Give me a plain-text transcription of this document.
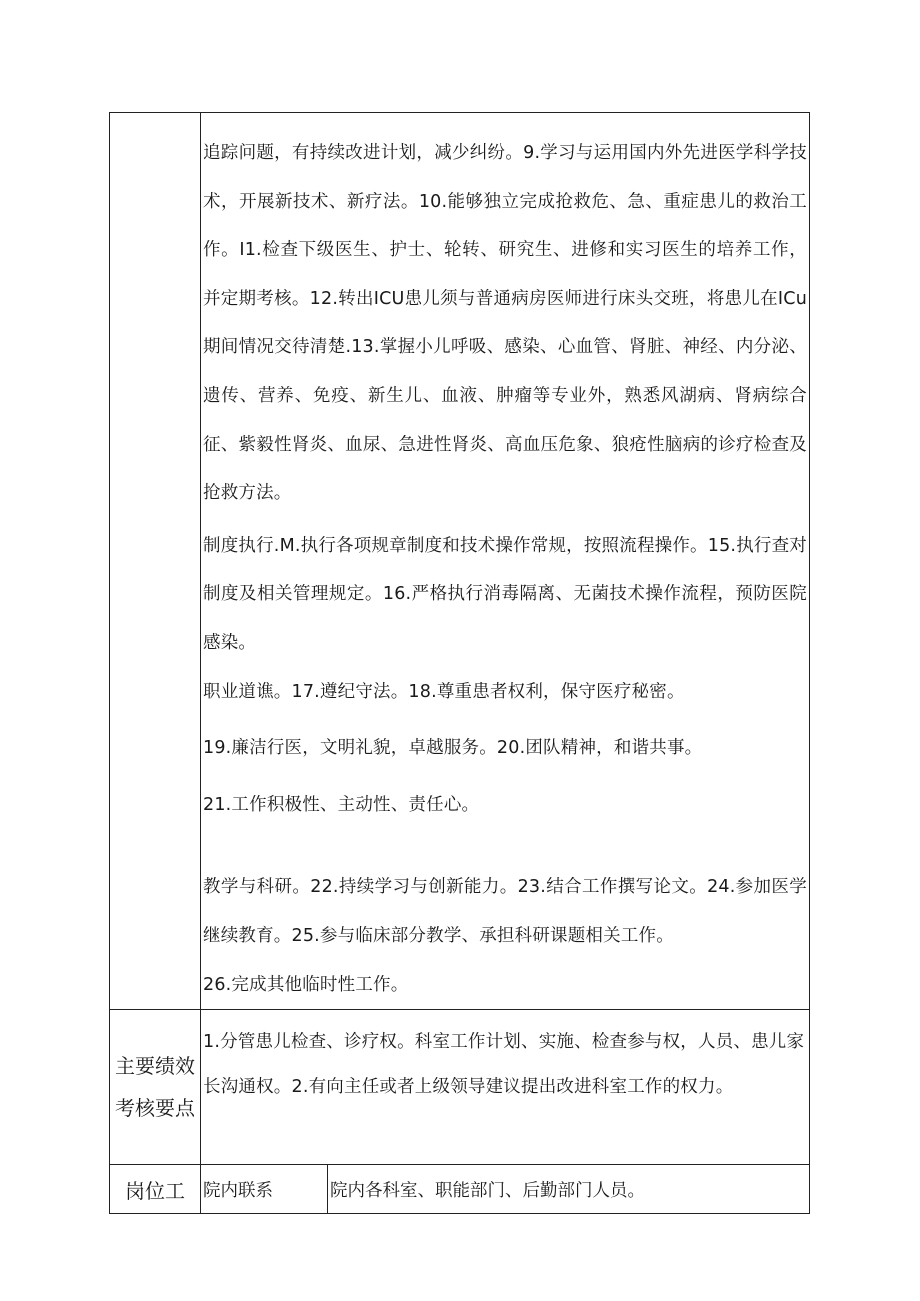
追踪问题，有持续改进计划，减少纠纷。9.学习与运用国内外先进医学科学技术，开展新技术、新疗法。10.能够独立完成抢救危、急、重症患儿的救治工作。I1.检查下级医生、护士、轮转、研究生、进修和实习医生的培养工作，并定期考核。12.转出ICU患儿须与普通病房医师进行床头交班，将患儿在ICu期间情况交待清楚.13.掌握小儿呼吸、感染、心血管、肾脏、神经、内分泌、遗传、营养、免疫、新生儿、血液、肿瘤等专业外，熟悉风湖病、肾病综合征、紫毅性肾炎、血尿、急进性肾炎、高血压危象、狼疮性脑病的诊疗检查及抢救方法。

制度执行.M.执行各项规章制度和技术操作常规，按照流程操作。15.执行查对制度及相关管理规定。16.严格执行消毒隔离、无菌技术操作流程，预防医院感染。

职业道谯。17.遵纪守法。18.尊重患者权利，保守医疗秘密。

19.廉洁行医，文明礼貌，卓越服务。20.团队精神，和谐共事。

21.工作积极性、主动性、责任心。

教学与科研。22.持续学习与创新能力。23.结合工作撰写论文。24.参加医学继续教育。25.参与临床部分教学、承担科研课题相关工作。

26.完成其他临时性工作。

主要绩效
考核要点
	1.分管患儿检查、诊疗权。科室工作计划、实施、检查参与权，人员、患儿家长沟通权。2.有向主任或者上级领导建议提出改进科室工作的权力。
岗位工	院内联系	院内各科室、职能部门、后勤部门人员。
